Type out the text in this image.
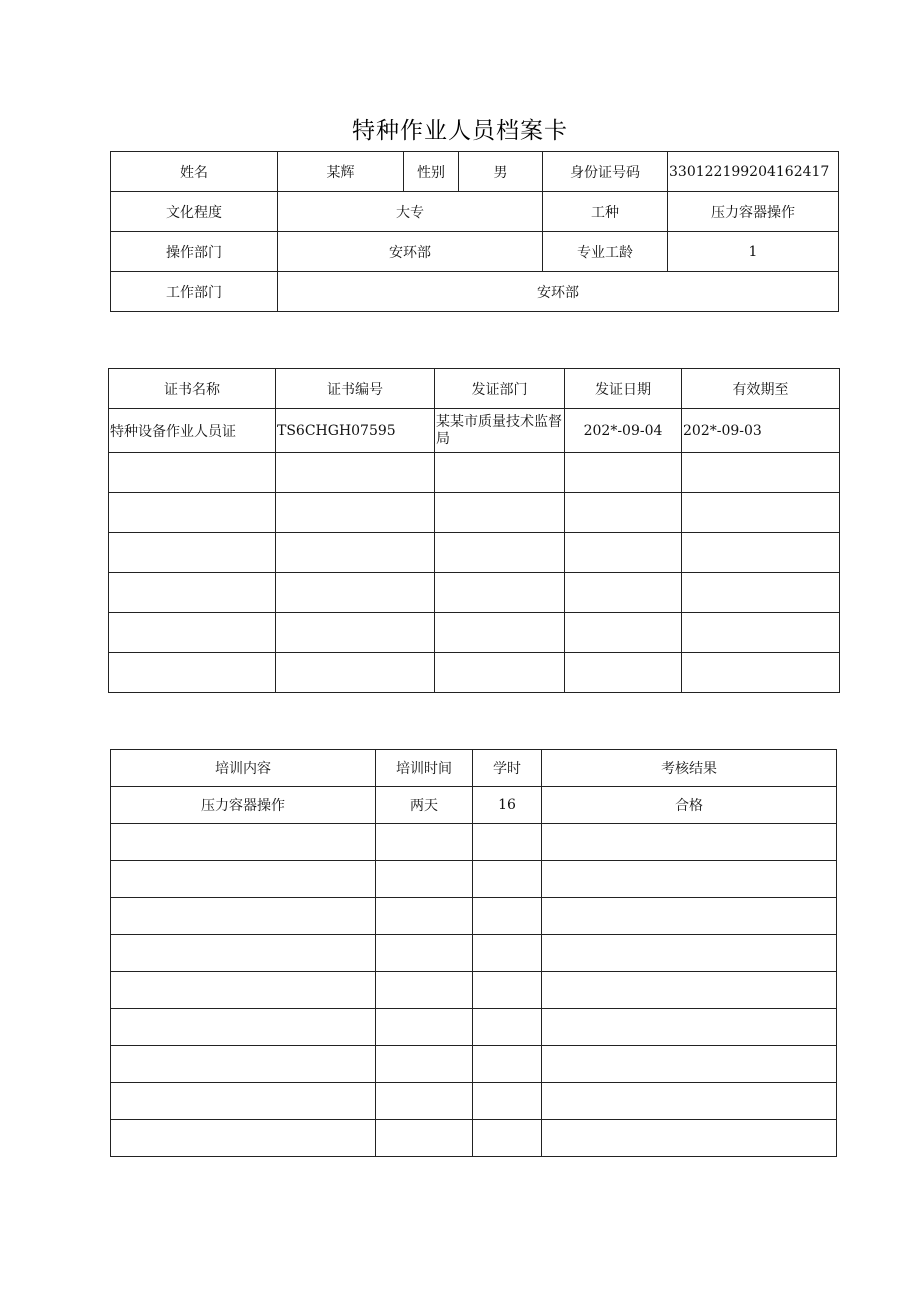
特种作业人员档案卡
姓名	某辉	性别	男	身份证号码	330122199204162417
文化程度	大专			工种	压力容器操作
操作部门	安环部			专业工龄	1
工作部门	安环部				
证书名称	证书编号	发证部门	发证日期	有效期至
特种设备作业人员证	TS6CHGH07595	某某市质量技术监督局	202*-09-04	202*-09-03

培训内容	培训时间	学时	考核结果
压力容器操作	两天	16	合格
